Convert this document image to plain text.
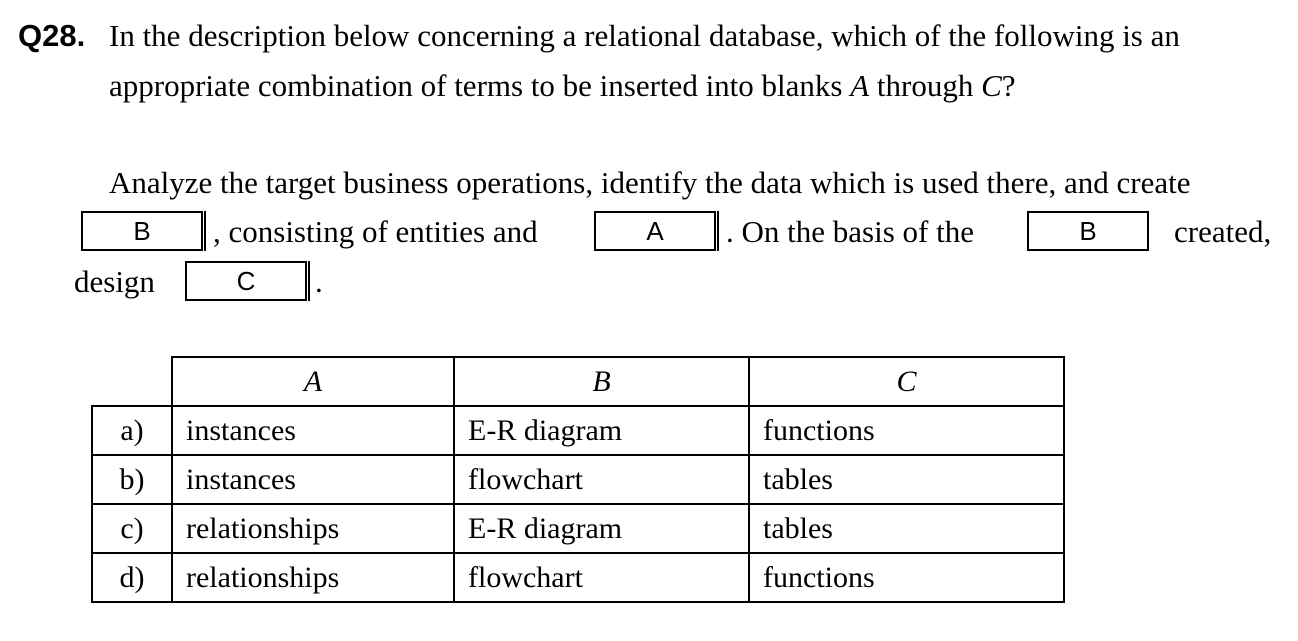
Q28. In the description below concerning a relational database, which of the following is an
appropriate combination of terms to be inserted into blanks A through C?
Analyze the target business operations, identify the data which is used there, and create
B	, consisting of entities and	A	. On the basis of the	B	created,
design	C	.
	A	B	C
a)	instances	E-R diagram	functions
b)	instances	flowchart	tables
c)	relationships	E-R diagram	tables
d)	relationships	flowchart	functions
